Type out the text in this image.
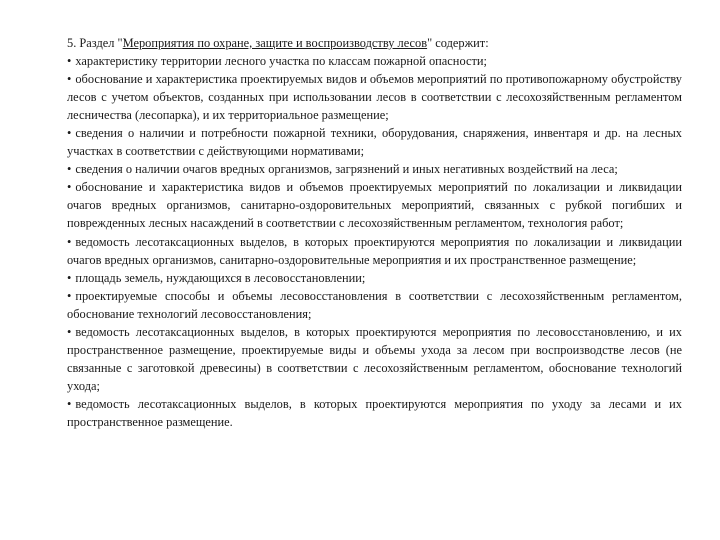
5. Раздел "Мероприятия по охране, защите и воспроизводству лесов" содержит:

• характеристику территории лесного участка по классам пожарной опасности;

• обоснование и характеристика проектируемых видов и объемов мероприятий по противопожарному обустройству лесов с учетом объектов, созданных при использовании лесов в соответствии с лесохозяйственным регламентом лесничества (лесопарка), и их территориальное размещение;

• сведения о наличии и потребности пожарной техники, оборудования, снаряжения, инвентаря и др. на лесных участках в соответствии с действующими нормативами;

• сведения о наличии очагов вредных организмов, загрязнений и иных негативных воздействий на леса;

• обоснование и характеристика видов и объемов проектируемых мероприятий по локализации и ликвидации очагов вредных организмов, санитарно-оздоровительных мероприятий, связанных с рубкой погибших и поврежденных лесных насаждений в соответствии с лесохозяйственным регламентом, технология работ;

• ведомость лесотаксационных выделов, в которых проектируются мероприятия по локализации и ликвидации очагов вредных организмов, санитарно-оздоровительные мероприятия и их пространственное размещение;

• площадь земель, нуждающихся в лесовосстановлении;

• проектируемые способы и объемы лесовосстановления в соответствии с лесохозяйственным регламентом, обоснование технологий лесовосстановления;

• ведомость лесотаксационных выделов, в которых проектируются мероприятия по лесовосстановлению, и их пространственное размещение, проектируемые виды и объемы ухода за лесом при воспроизводстве лесов (не связанные с заготовкой древесины) в соответствии с лесохозяйственным регламентом, обоснование технологий ухода;

• ведомость лесотаксационных выделов, в которых проектируются мероприятия по уходу за лесами и их пространственное размещение.
